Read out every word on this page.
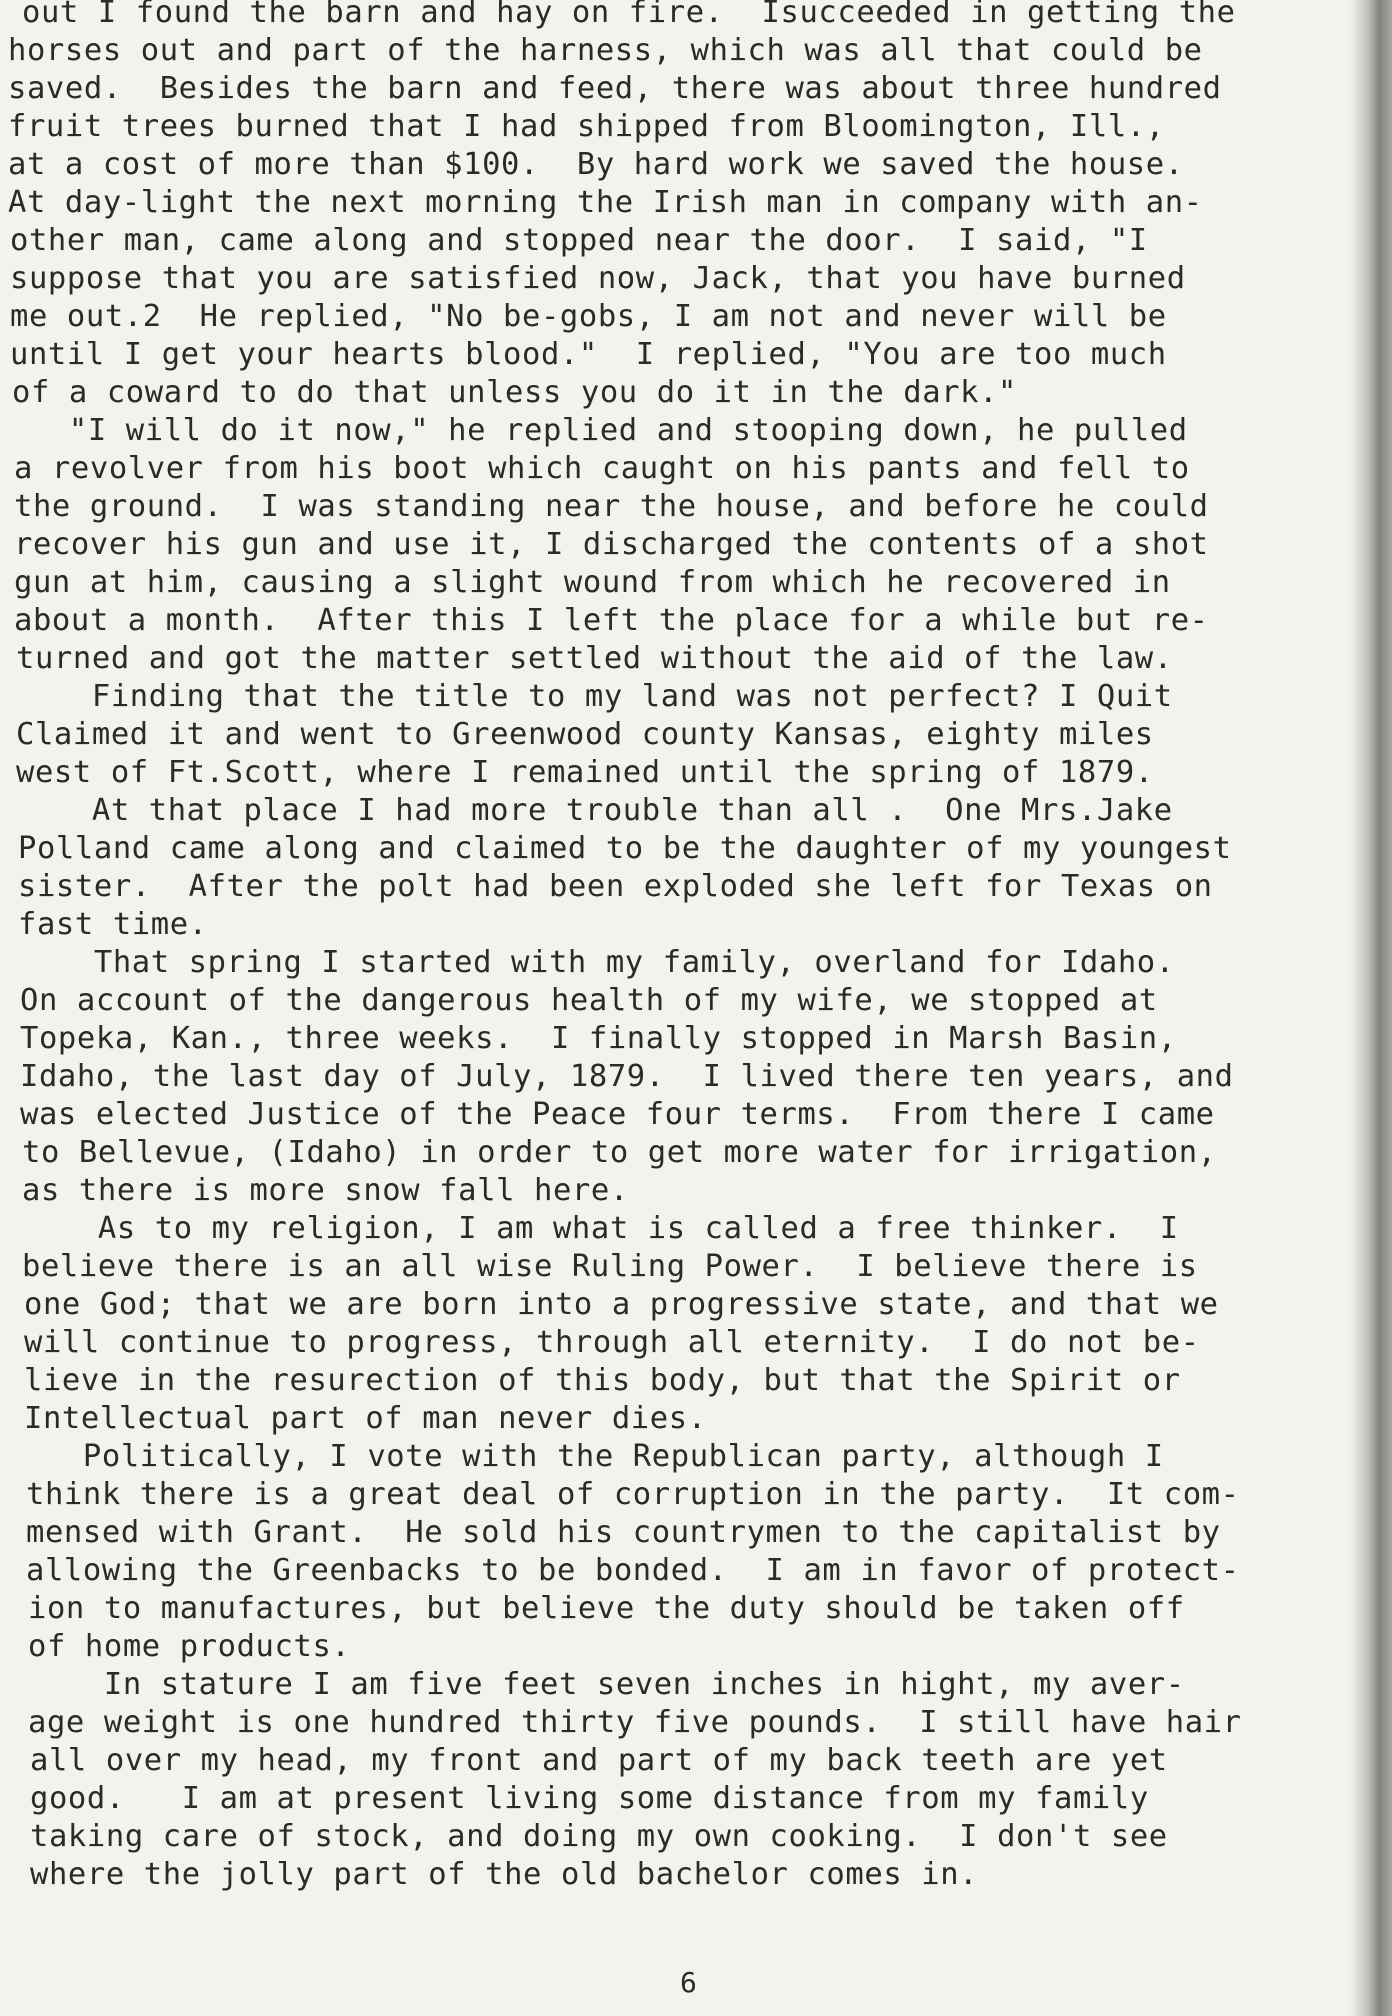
out I found the barn and hay on fire.  Isucceeded in getting the
horses out and part of the harness, which was all that could be
saved.  Besides the barn and feed, there was about three hundred
fruit trees burned that I had shipped from Bloomington, Ill.,
at a cost of more than $100.  By hard work we saved the house.
At day-light the next morning the Irish man in company with an-
other man, came along and stopped near the door.  I said, "I
suppose that you are satisfied now, Jack, that you have burned
me out.2  He replied, "No be-gobs, I am not and never will be
until I get your hearts blood."  I replied, "You are too much
of a coward to do that unless you do it in the dark."
"I will do it now," he replied and stooping down, he pulled
a revolver from his boot which caught on his pants and fell to
the ground.  I was standing near the house, and before he could
recover his gun and use it, I discharged the contents of a shot
gun at him, causing a slight wound from which he recovered in
about a month.  After this I left the place for a while but re-
turned and got the matter settled without the aid of the law.
Finding that the title to my land was not perfect? I Quit
Claimed it and went to Greenwood county Kansas, eighty miles
west of Ft.Scott, where I remained until the spring of 1879.
At that place I had more trouble than all .  One Mrs.Jake
Polland came along and claimed to be the daughter of my youngest
sister.  After the polt had been exploded she left for Texas on
fast time.
That spring I started with my family, overland for Idaho.
On account of the dangerous health of my wife, we stopped at
Topeka, Kan., three weeks.  I finally stopped in Marsh Basin,
Idaho, the last day of July, 1879.  I lived there ten years, and
was elected Justice of the Peace four terms.  From there I came
to Bellevue, (Idaho) in order to get more water for irrigation,
as there is more snow fall here.
As to my religion, I am what is called a free thinker.  I
believe there is an all wise Ruling Power.  I believe there is
one God; that we are born into a progressive state, and that we
will continue to progress, through all eternity.  I do not be-
lieve in the resurection of this body, but that the Spirit or
Intellectual part of man never dies.
Politically, I vote with the Republican party, although I
think there is a great deal of corruption in the party.  It com-
mensed with Grant.  He sold his countrymen to the capitalist by
allowing the Greenbacks to be bonded.  I am in favor of protect-
ion to manufactures, but believe the duty should be taken off
of home products.
In stature I am five feet seven inches in hight, my aver-
age weight is one hundred thirty five pounds.  I still have hair
all over my head, my front and part of my back teeth are yet
good.   I am at present living some distance from my family
taking care of stock, and doing my own cooking.  I don't see
where the jolly part of the old bachelor comes in.
6
